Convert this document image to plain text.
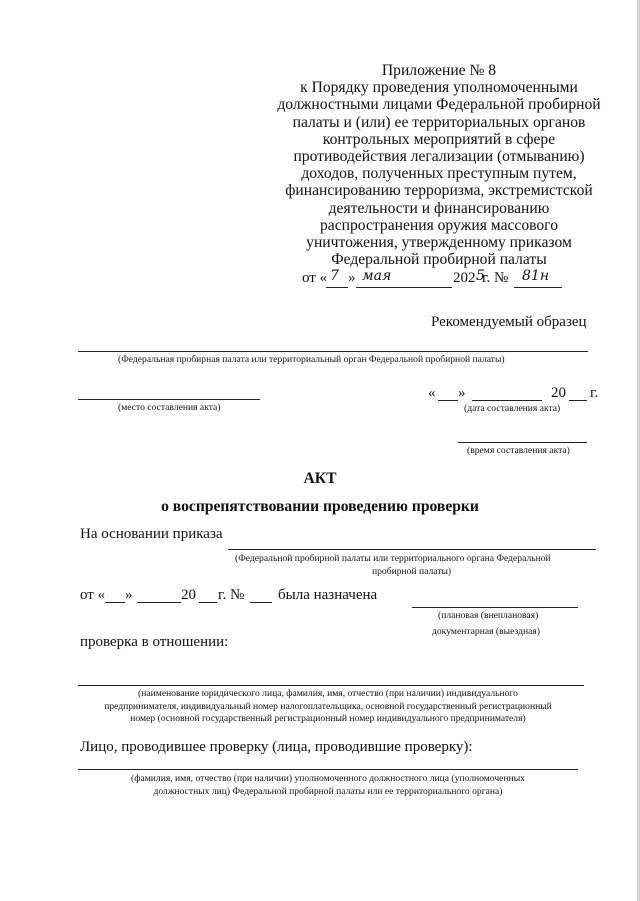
Приложение № 8
к Порядку проведения уполномоченными
должностными лицами Федеральной пробирной
палаты и (или) ее территориальных органов
контрольных мероприятий в сфере
противодействия легализации (отмыванию)
доходов, полученных преступным путем,
финансированию терроризма, экстремистской
деятельности и финансированию
распространения оружия массового
уничтожения, утвержденному приказом
Федеральной пробирной палаты
от « 7 » мая	202 5
г. № 81н
Рекомендуемый образец
(Федеральная пробирная палата или территориальный орган Федеральной пробирной палаты)
(место составления акта)
« »	20 г.
(дата составления акта)
(время составления акта)
АКТ
о воспрепятствовании проведению проверки
На основании приказа
(Федеральной пробирной палаты или территориального органа Федеральной
пробирной палаты)
от « »	20 г. № была назначена
(плановая (внеплановая)
документарная (выездная)
проверка в отношении:
(наименование юридического лица, фамилия, имя, отчество (при наличии) индивидуального
предпринимателя, индивидуальный номер налогоплательщика, основной государственный регистрационный
номер (основной государственный регистрационный номер индивидуального предпринимателя)
Лицо, проводившее проверку (лица, проводившие проверку):
(фамилия, имя, отчество (при наличии) уполномоченного должностного лица (уполномоченных
должностных лиц) Федеральной пробирной палаты или ее территориального органа)
